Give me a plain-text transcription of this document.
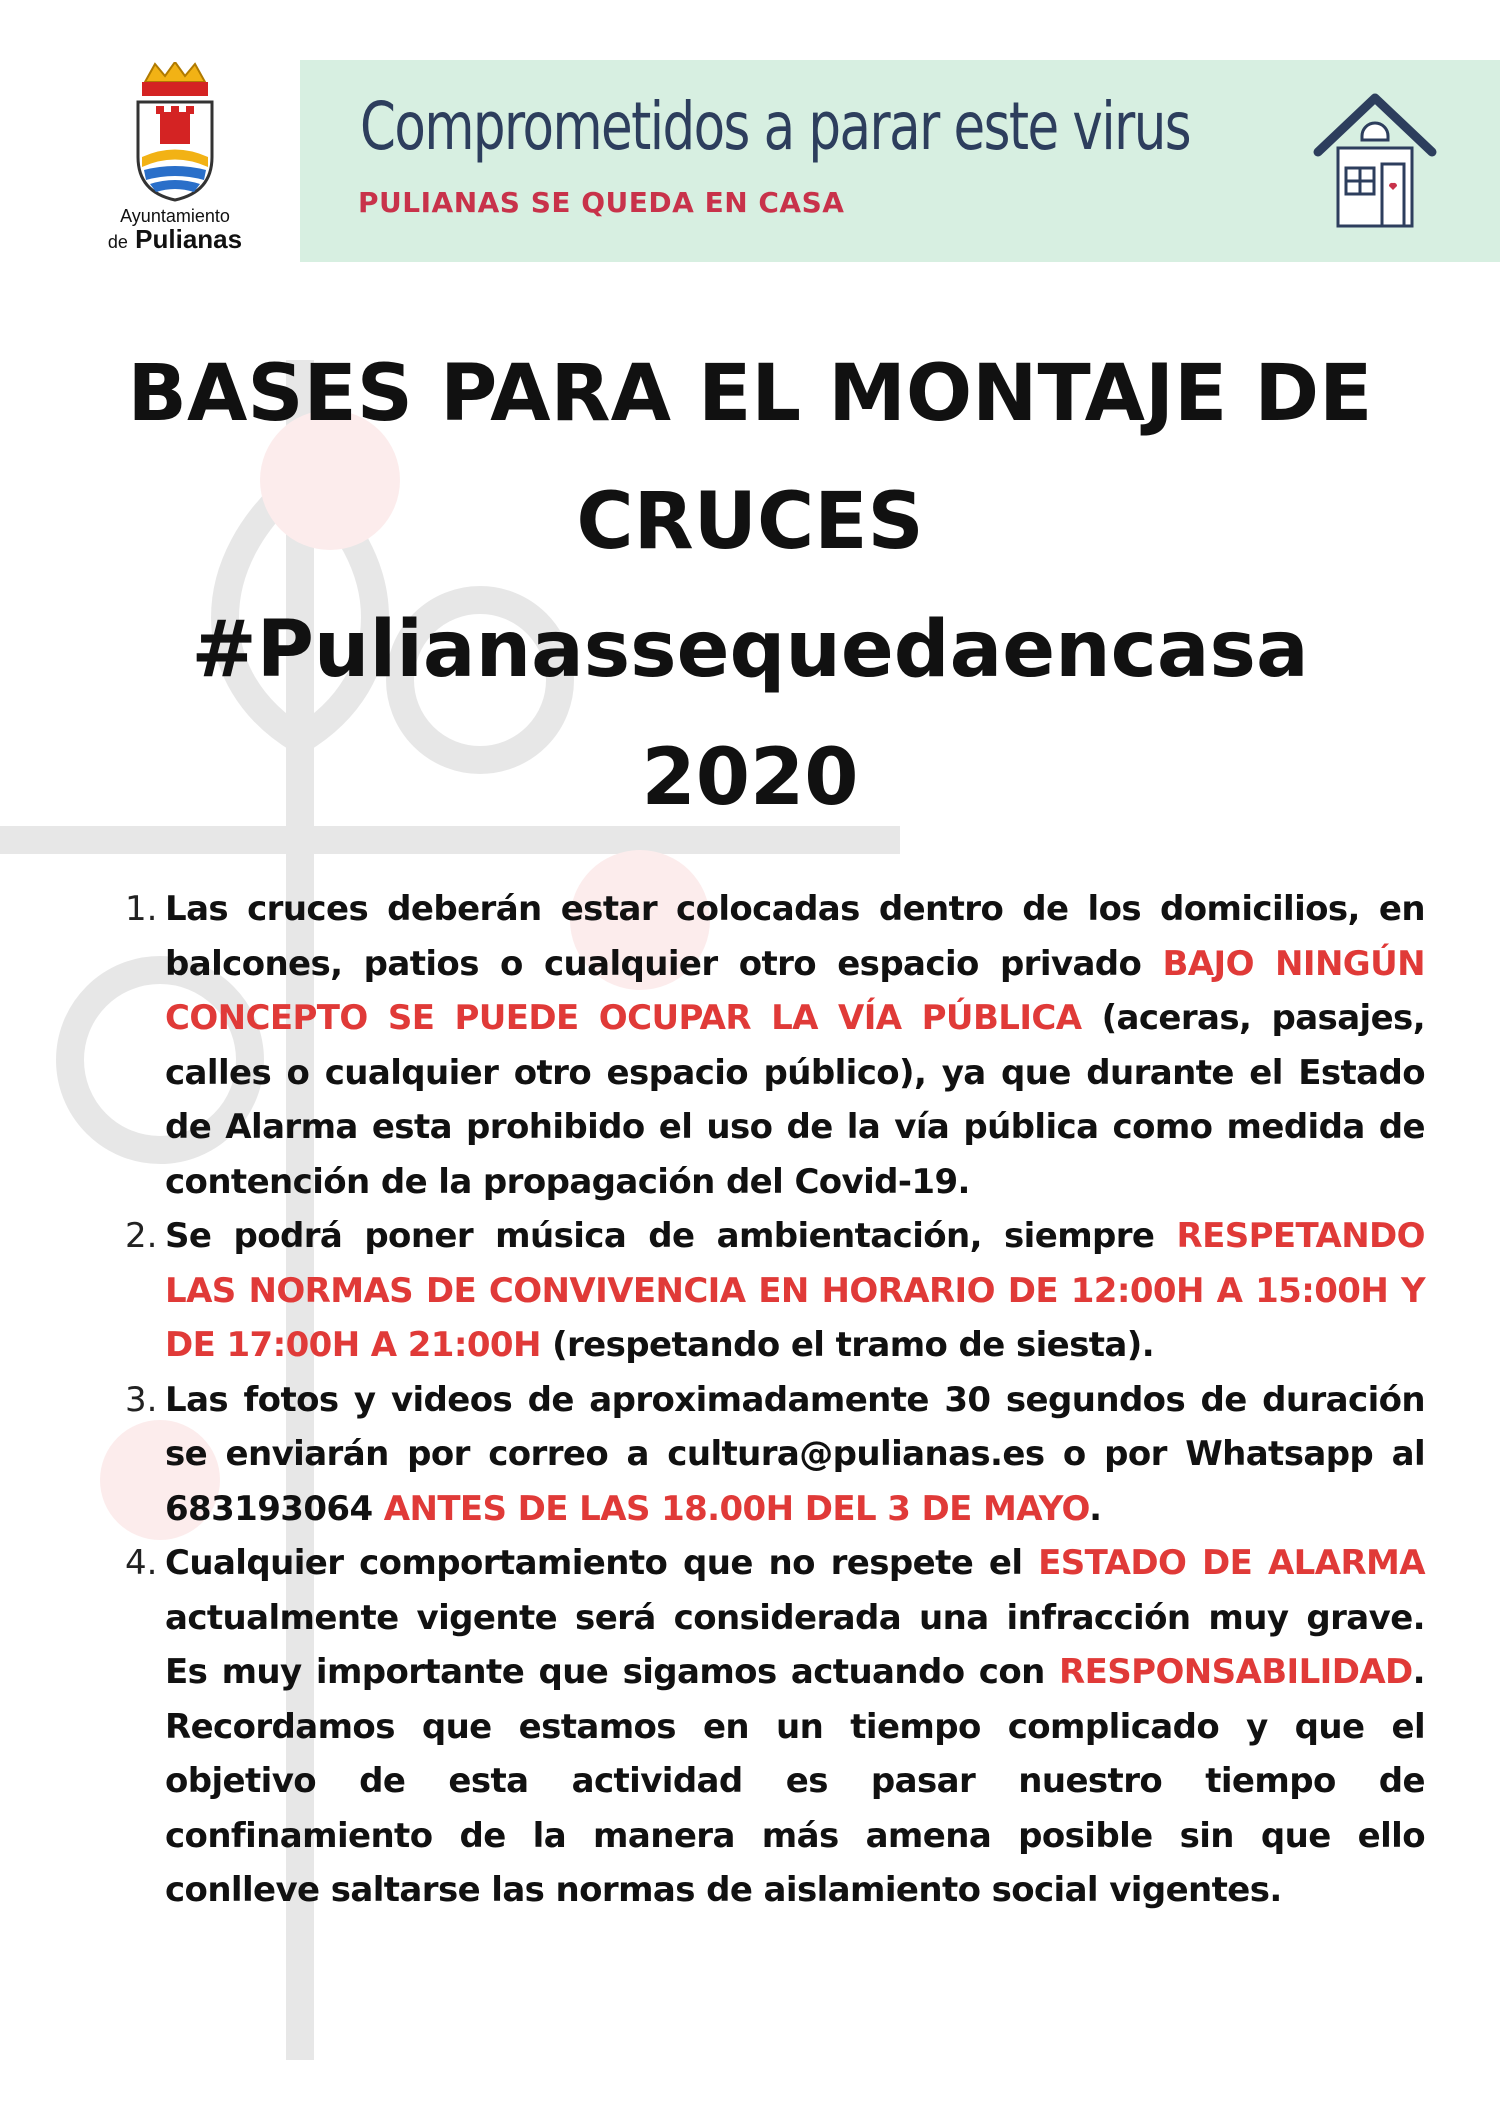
Ayuntamiento
de Pulianas
Comprometidos a parar este virus
PULIANAS SE QUEDA EN CASA
BASES PARA EL MONTAJE DE
CRUCES
#Pulianassequedaencasa
2020
1. Las cruces deberán estar colocadas dentro de los domicilios, en balcones, patios o cualquier otro espacio privado BAJO NINGÚN CONCEPTO SE PUEDE OCUPAR LA VÍA PÚBLICA (aceras, pasajes, calles o cualquier otro espacio público), ya que durante el Estado de Alarma esta prohibido el uso de la vía pública como medida de contención de la propagación del Covid-19.
2. Se podrá poner música de ambientación, siempre RESPETANDO LAS NORMAS DE CONVIVENCIA EN HORARIO DE 12:00H A 15:00H Y DE 17:00H A 21:00H (respetando el tramo de siesta).
3. Las fotos y videos de aproximadamente 30 segundos de duración se enviarán por correo a cultura@pulianas.es o por Whatsapp al 683193064 ANTES DE LAS 18.00H DEL 3 DE MAYO.
4. Cualquier comportamiento que no respete el ESTADO DE ALARMA actualmente vigente será considerada una infracción muy grave. Es muy importante que sigamos actuando con RESPONSABILIDAD. Recordamos que estamos en un tiempo complicado y que el objetivo de esta actividad es pasar nuestro tiempo de confinamiento de la manera más amena posible sin que ello conlleve saltarse las normas de aislamiento social vigentes.
